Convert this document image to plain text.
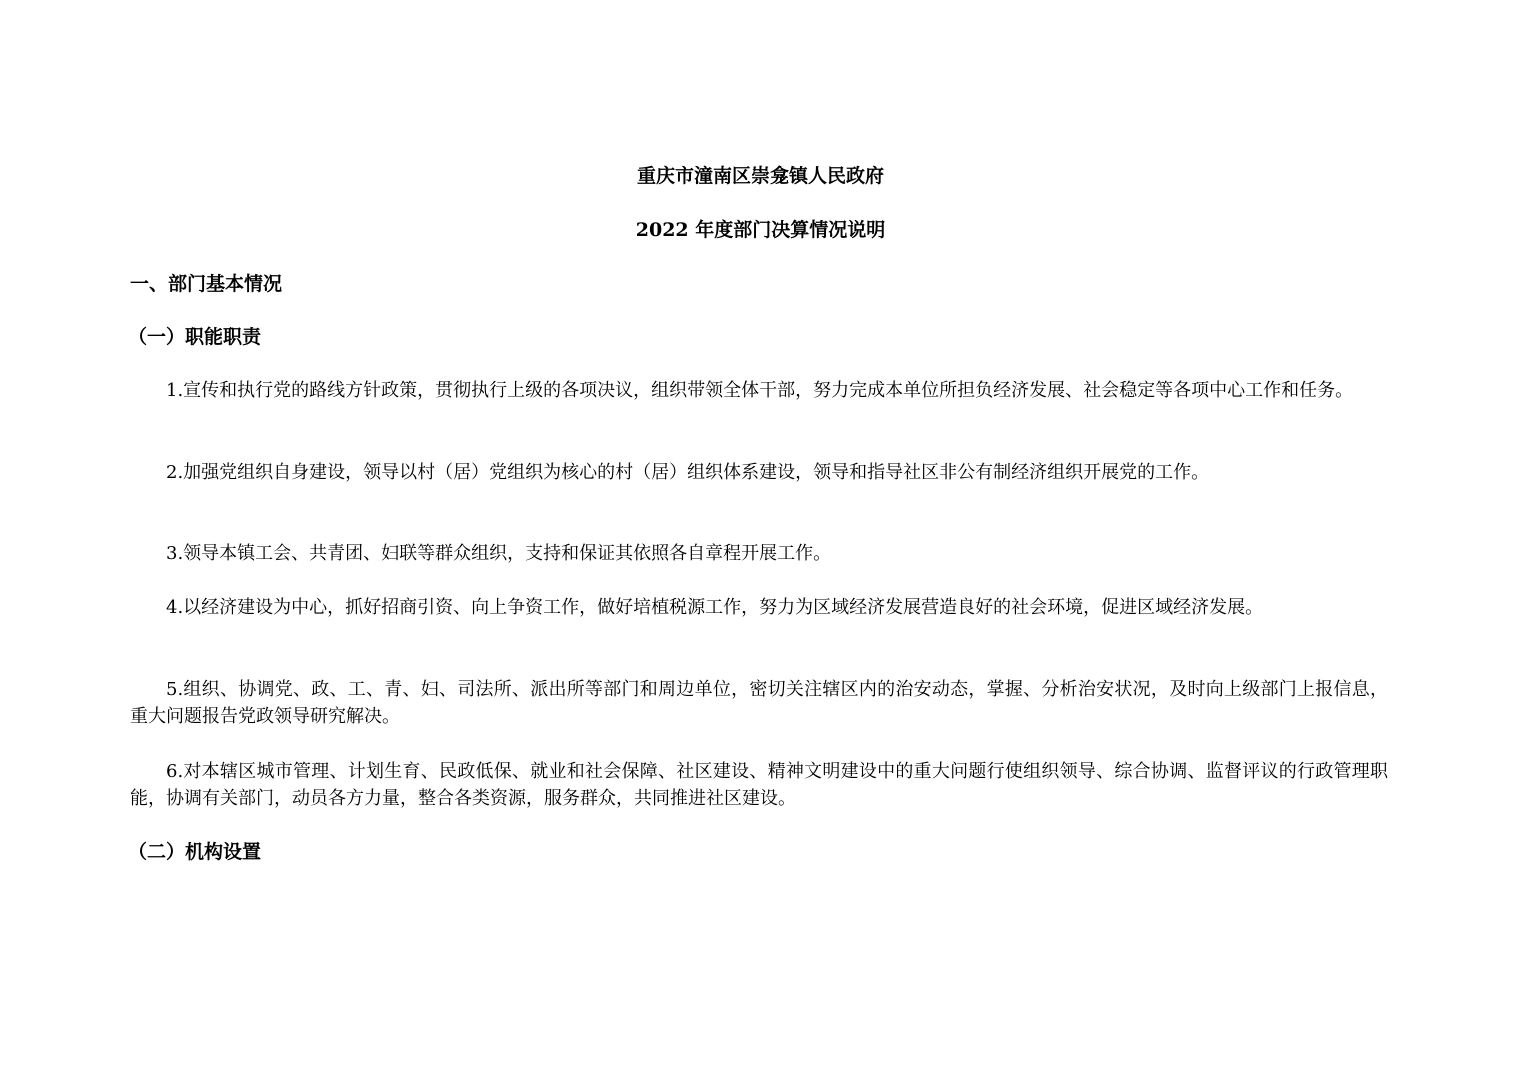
重庆市潼南区崇龛镇人民政府
2022 年度部门决算情况说明
一、部门基本情况
（一）职能职责

1.宣传和执行党的路线方针政策，贯彻执行上级的各项决议，组织带领全体干部，努力完成本单位所担负经济发展、社会稳定等各项中心工作和任务。

2.加强党组织自身建设，领导以村（居）党组织为核心的村（居）组织体系建设，领导和指导社区非公有制经济组织开展党的工作。

3.领导本镇工会、共青团、妇联等群众组织，支持和保证其依照各自章程开展工作。

4.以经济建设为中心，抓好招商引资、向上争资工作，做好培植税源工作，努力为区域经济发展营造良好的社会环境，促进区域经济发展。

5.组织、协调党、政、工、青、妇、司法所、派出所等部门和周边单位，密切关注辖区内的治安动态，掌握、分析治安状况，及时向上级部门上报信息，重大问题报告党政领导研究解决。

6.对本辖区城市管理、计划生育、民政低保、就业和社会保障、社区建设、精神文明建设中的重大问题行使组织领导、综合协调、监督评议的行政管理职能，协调有关部门，动员各方力量，整合各类资源，服务群众，共同推进社区建设。

（二）机构设置
